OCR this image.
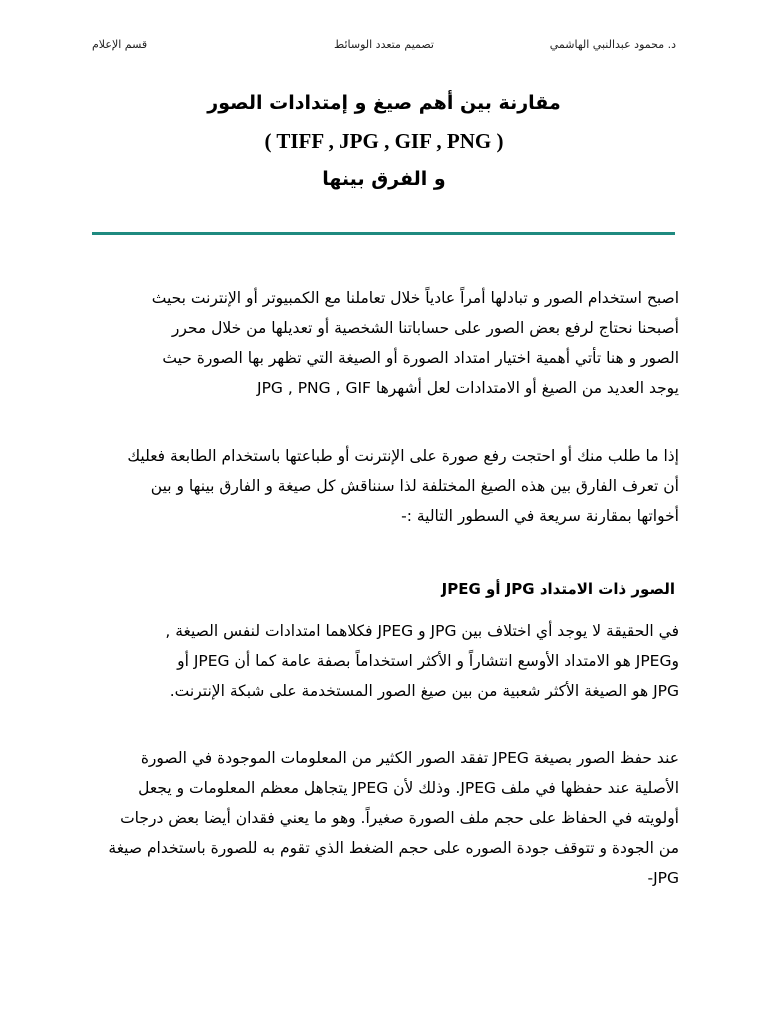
د. محمود عبدالنبي الهاشمي
تصميم متعدد الوسائط
قسم الإعلام
مقارنة بين أهم صيغ و إمتدادات الصور
( TIFF , JPG , GIF , PNG )
و الفرق بينها
اصبح استخدام الصور و تبادلها أمراً عادياً خلال تعاملنا مع الكمبيوتر أو الإنترنت بحيث
أصبحنا نحتاج لرفع بعض الصور على حساباتنا الشخصية أو تعديلها من خلال محرر
الصور و هنا تأتي أهمية اختيار امتداد الصورة أو الصيغة التي تظهر بها الصورة حيث
يوجد العديد من الصيغ أو الامتدادات لعل أشهرها JPG , PNG , GIF
إذا ما طلب منك أو احتجت رفع صورة على الإنترنت أو طباعتها باستخدام الطابعة فعليك
أن تعرف الفارق بين هذه الصيغ المختلفة لذا سنناقش كل صيغة و الفارق بينها و بين
أخواتها بمقارنة سريعة في السطور التالية :-
الصور ذات الامتداد JPG أو JPEG
في الحقيقة لا يوجد أي اختلاف بين JPG و JPEG فكلاهما امتدادات لنفس الصيغة ,
وJPEG هو الامتداد الأوسع انتشاراً و الأكثر استخداماً بصفة عامة كما أن JPEG أو
JPG هو الصيغة الأكثر شعبية من بين صيغ الصور المستخدمة على شبكة الإنترنت.
عند حفظ الصور بصيغة JPEG تفقد الصور الكثير من المعلومات الموجودة في الصورة
الأصلية عند حفظها في ملف JPEG. وذلك لأن JPEG يتجاهل معظم المعلومات و يجعل
أولويته في الحفاظ على حجم ملف الصورة صغيراً. وهو ما يعني فقدان أيضا بعض درجات
من الجودة و تتوقف جودة الصوره على حجم الضغط الذي تقوم به للصورة باستخدام صيغة
JPG-
